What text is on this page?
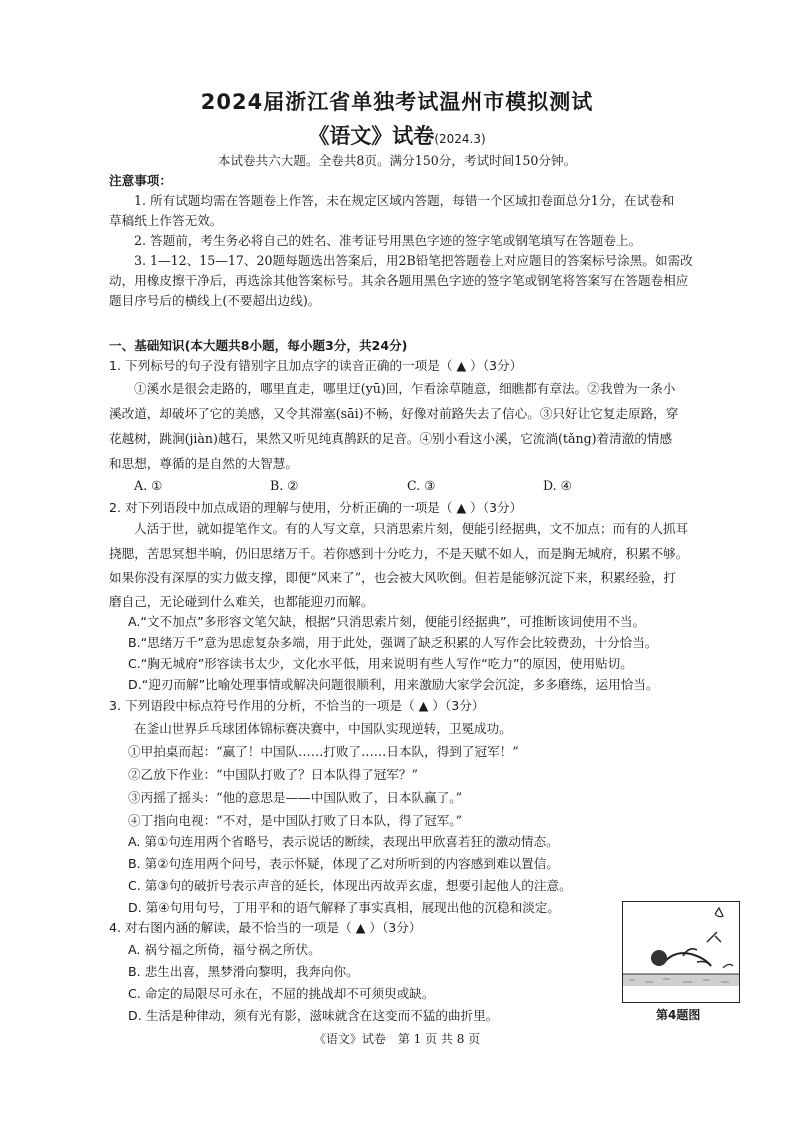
2024届浙江省单独考试温州市模拟测试
《语文》试卷(2024.3)
本试卷共六大题。全卷共8页。满分150分，考试时间150分钟。
注意事项：
1. 所有试题均需在答题卷上作答，未在规定区域内答题，每错一个区域扣卷面总分1分，在试卷和
草稿纸上作答无效。
2. 答题前，考生务必将自己的姓名、准考证号用黑色字迹的签字笔或钢笔填写在答题卷上。
3. 1—12、15—17、20题每题选出答案后，用2B铅笔把答题卷上对应题目的答案标号涂黑。如需改
动，用橡皮擦干净后，再选涂其他答案标号。其余各题用黑色字迹的签字笔或钢笔将答案写在答题卷相应
题目序号后的横线上(不要超出边线)。
一、基础知识(本大题共8小题，每小题3分，共24分)
1. 下列标号的句子没有错别字且加点字的读音正确的一项是（ ▲ ）（3分）
①溪水是很会走路的，哪里直走，哪里迂(yū)回，乍看涂草随意，细瞧都有章法。②我曾为一条小
溪改道，却破坏了它的美感，又令其滞塞(sāi)不畅，好像对前路失去了信心。③只好让它复走原路，穿
花越树，跳涧(jiàn)越石，果然又听见纯真鹊跃的足音。④别小看这小溪，它流淌(tǎng)着清澈的情感
和思想，尊循的是自然的大智慧。
A. ①	B. ②	C. ③	D. ④
2. 对下列语段中加点成语的理解与使用，分析正确的一项是（ ▲ ）（3分）
人活于世，就如提笔作文。有的人写文章，只消思索片刻，便能引经据典，文不加点；而有的人抓耳
挠腮，苦思冥想半晌，仍旧思绪万千。若你感到十分吃力，不是天赋不如人，而是胸无城府，积累不够。
如果你没有深厚的实力做支撑，即便“风来了”，也会被大风吹倒。但若是能够沉淀下来，积累经验，打
磨自己，无论碰到什么难关，也都能迎刃而解。
A.“文不加点”多形容文笔欠缺，根据“只消思索片刻，便能引经据典”，可推断该词使用不当。
B.“思绪万千”意为思虑复杂多端，用于此处，强调了缺乏积累的人写作会比较费劲，十分恰当。
C.“胸无城府”形容读书太少，文化水平低，用来说明有些人写作“吃力”的原因，使用贴切。
D.“迎刃而解”比喻处理事情或解决问题很顺利，用来激励大家学会沉淀，多多磨练，运用恰当。
3. 下列语段中标点符号作用的分析，不恰当的一项是（ ▲ ）（3分）
在釜山世界乒乓球团体锦标赛决赛中，中国队实现逆转，卫冕成功。
①甲拍桌而起：“赢了！中国队……打败了……日本队，得到了冠军！”
②乙放下作业：“中国队打败了？日本队得了冠军？”
③丙摇了摇头：“他的意思是——中国队败了，日本队赢了。”
④丁指向电视：“不对，是中国队打败了日本队，得了冠军。”
A. 第①句连用两个省略号，表示说话的断续，表现出甲欣喜若狂的激动情态。
B. 第②句连用两个问号，表示怀疑，体现了乙对所听到的内容感到难以置信。
C. 第③句的破折号表示声音的延长，体现出丙故弄玄虚，想要引起他人的注意。
D. 第④句用句号，丁用平和的语气解释了事实真相，展现出他的沉稳和淡定。
4. 对右图内涵的解读，最不恰当的一项是（ ▲ ）（3分）
A. 祸兮福之所倚，福兮祸之所伏。
B. 悲生出喜，黑梦滑向黎明，我奔向你。
C. 命定的局限尽可永在，不屈的挑战却不可须臾或缺。
D. 生活是种律动，须有光有影，滋味就含在这变而不猛的曲折里。	第4题图
《语文》试卷　第 1 页 共 8 页
